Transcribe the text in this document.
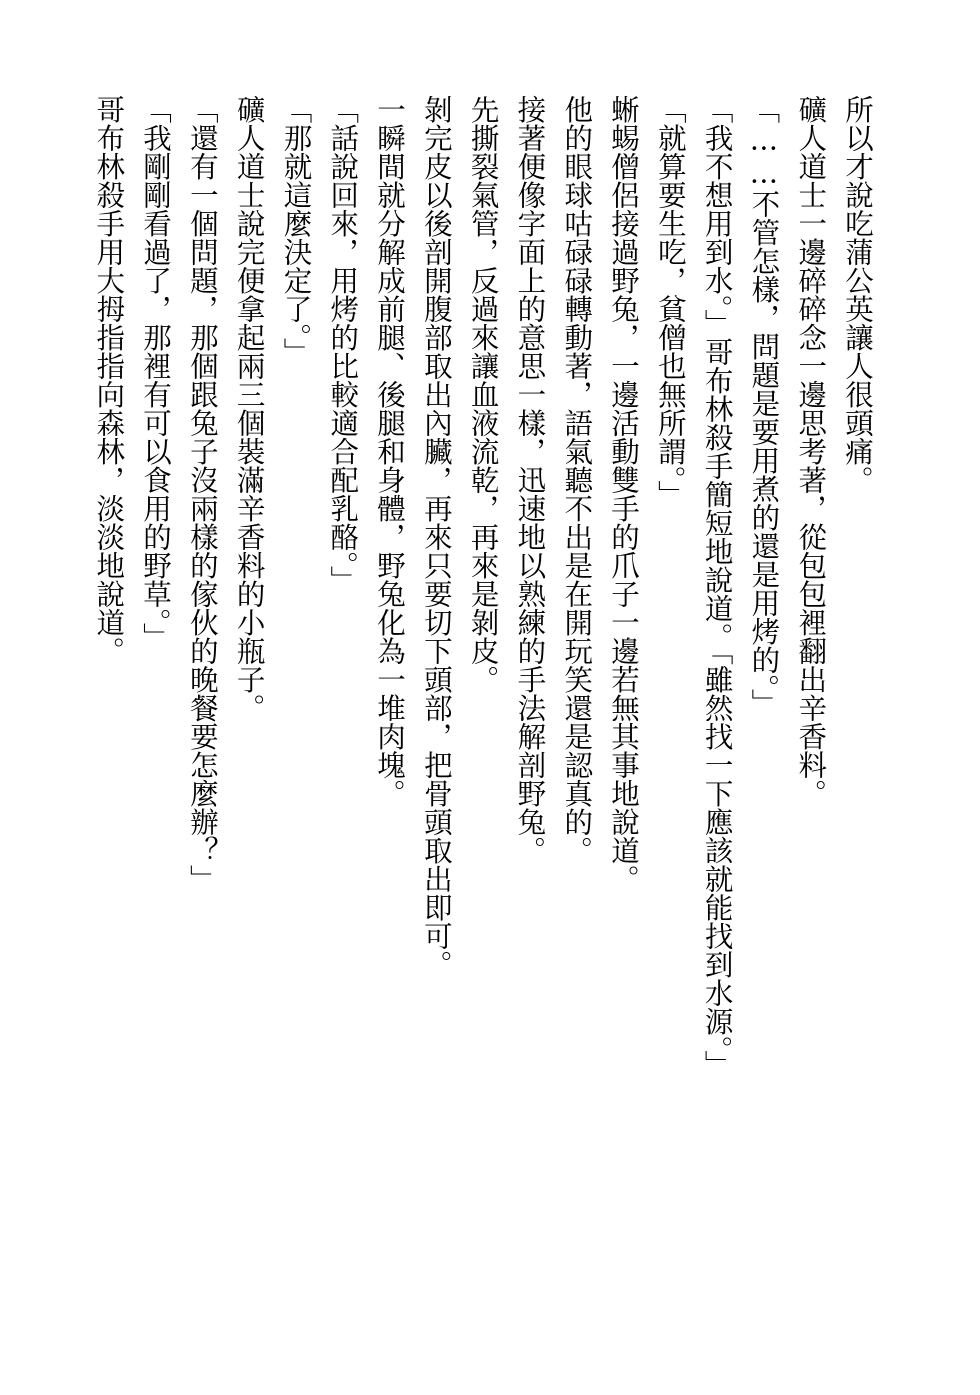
所以才說吃蒲公英讓人很頭痛。

礦人道士一邊碎碎念一邊思考著，從包包裡翻出辛香料。

「……不管怎樣，問題是要用煮的還是用烤的。」

「我不想用到水。」哥布林殺手簡短地說道。「雖然找一下應該就能找到水源。」

「就算要生吃，貧僧也無所謂。」

蜥蜴僧侶接過野兔，一邊活動雙手的爪子一邊若無其事地說道。

他的眼球咕碌碌轉動著，語氣聽不出是在開玩笑還是認真的。

接著便像字面上的意思一樣，迅速地以熟練的手法解剖野兔。

先撕裂氣管，反過來讓血液流乾，再來是剝皮。

剝完皮以後剖開腹部取出內臟，再來只要切下頭部，把骨頭取出即可。

一瞬間就分解成前腿、後腿和身體，野兔化為一堆肉塊。

「話說回來，用烤的比較適合配乳酪。」

「那就這麼決定了。」

礦人道士說完便拿起兩三個裝滿辛香料的小瓶子。

「還有一個問題，那個跟兔子沒兩樣的傢伙的晚餐要怎麼辦？」

「我剛剛看過了，那裡有可以食用的野草。」

哥布林殺手用大拇指指向森林，淡淡地說道。
